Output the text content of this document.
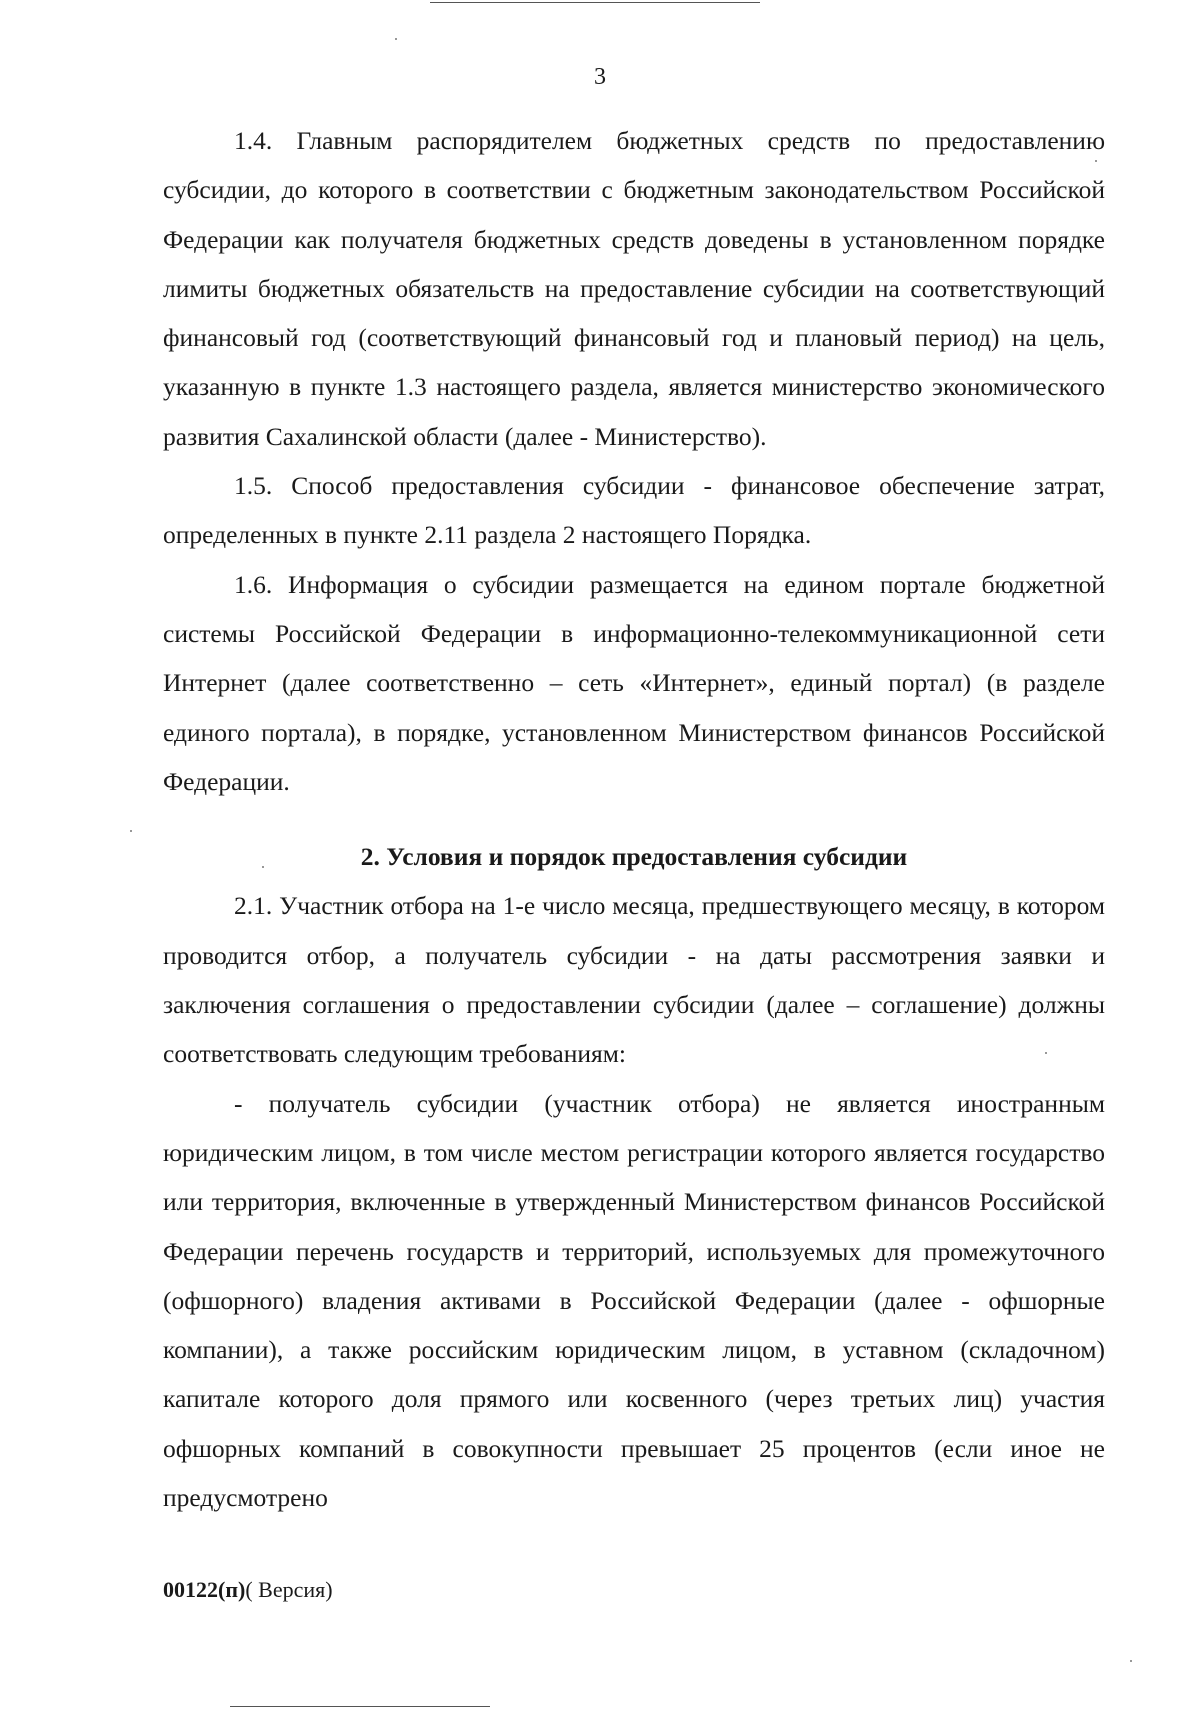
3

1.4. Главным распорядителем бюджетных средств по предоставлению субсидии, до которого в соответствии с бюджетным законодательством Российской Федерации как получателя бюджетных средств доведены в установленном порядке лимиты бюджетных обязательств на предоставление субсидии на соответствующий финансовый год (соответствующий финансовый год и плановый период) на цель, указанную в пункте 1.3 настоящего раздела, является министерство экономического развития Сахалинской области (далее - Министерство).

1.5. Способ предоставления субсидии - финансовое обеспечение затрат, определенных в пункте 2.11 раздела 2 настоящего Порядка.

1.6. Информация о субсидии размещается на едином портале бюджетной системы Российской Федерации в информационно-телекоммуникационной сети Интернет (далее соответственно – сеть «Интернет», единый портал) (в разделе единого портала), в порядке, установленном Министерством финансов Российской Федерации.

2. Условия и порядок предоставления субсидии

2.1. Участник отбора на 1-е число месяца, предшествующего месяцу, в котором проводится отбор, а получатель субсидии - на даты рассмотрения заявки и заключения соглашения о предоставлении субсидии (далее – соглашение) должны соответствовать следующим требованиям:

- получатель субсидии (участник отбора) не является иностранным юридическим лицом, в том числе местом регистрации которого является государство или территория, включенные в утвержденный Министерством финансов Российской Федерации перечень государств и территорий, используемых для промежуточного (офшорного) владения активами в Российской Федерации (далее - офшорные компании), а также российским юридическим лицом, в уставном (складочном) капитале которого доля прямого или косвенного (через третьих лиц) участия офшорных компаний в совокупности превышает 25 процентов (если иное не предусмотрено

00122(п)( Версия)
